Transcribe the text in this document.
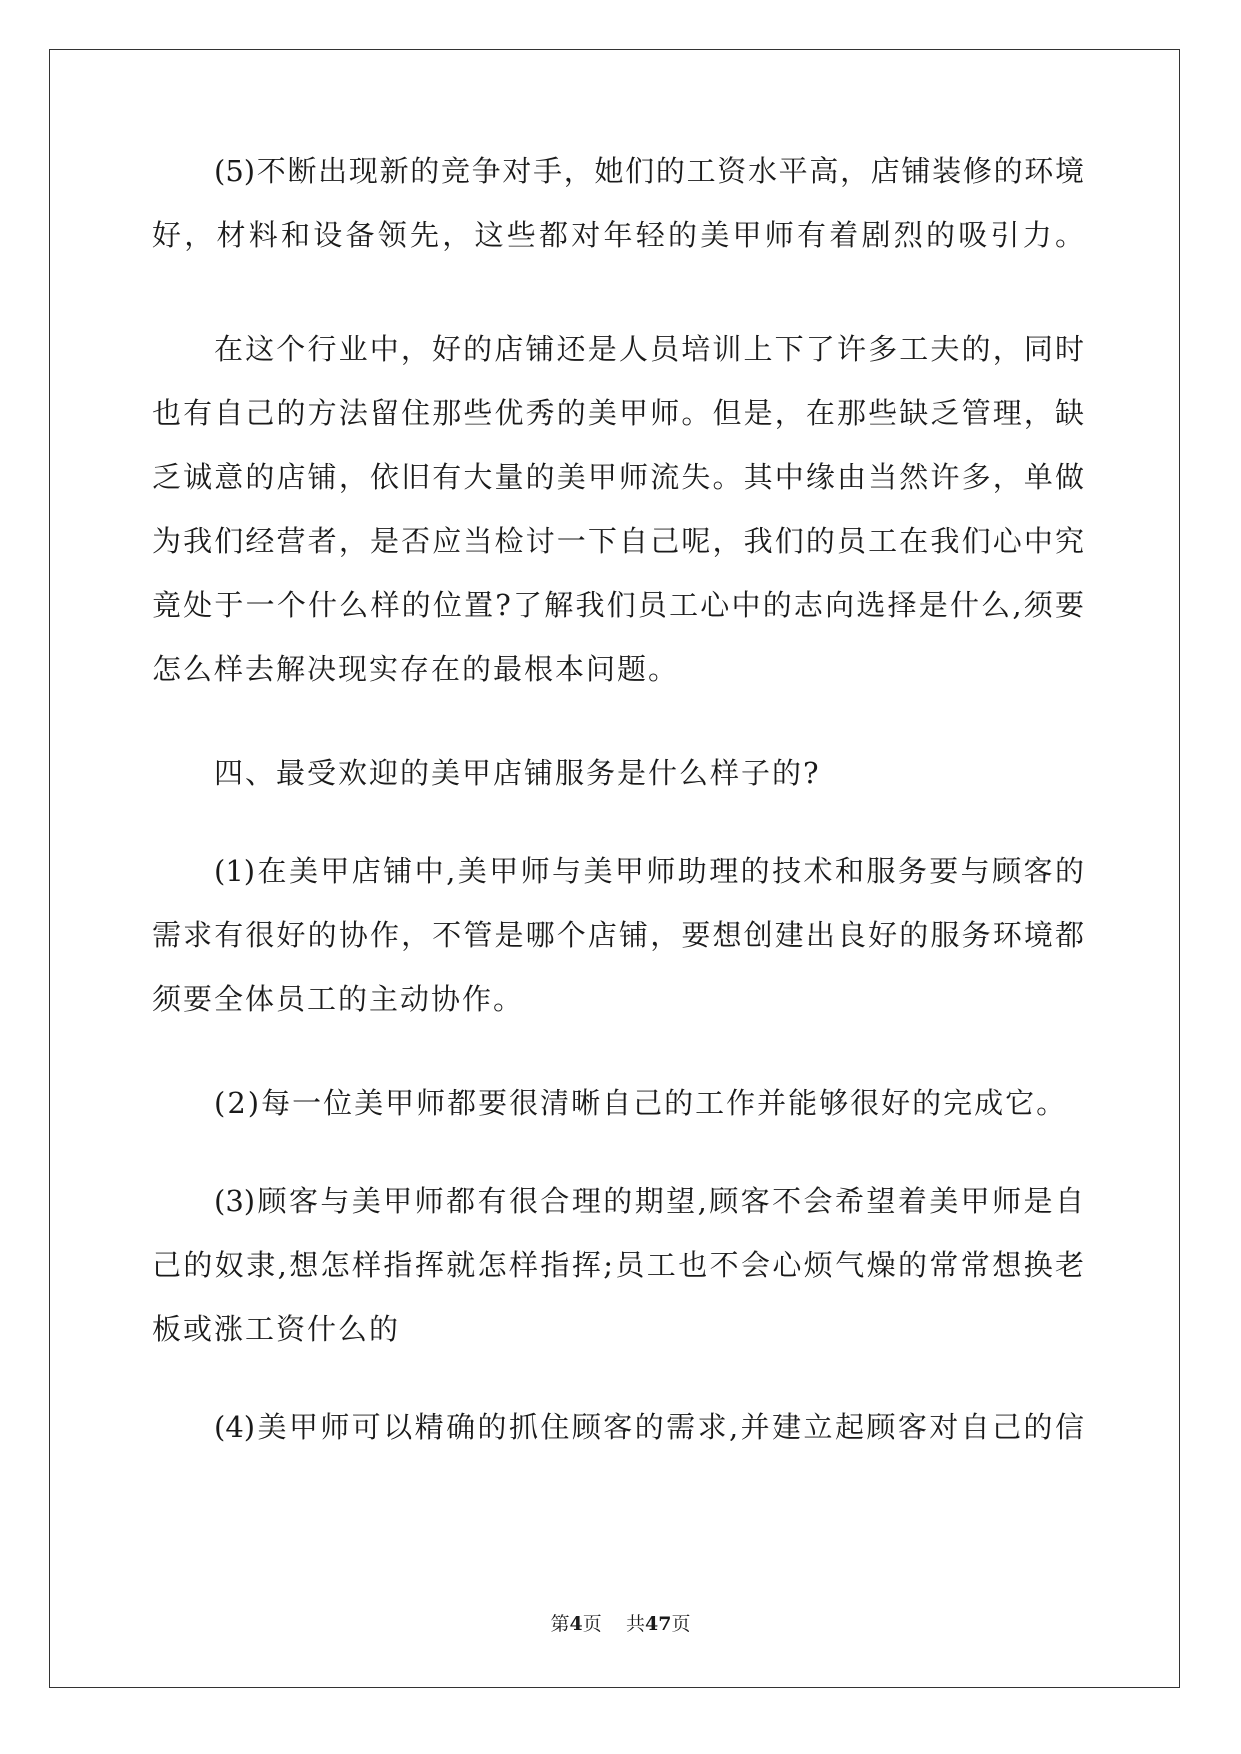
(5)不断出现新的竞争对手，她们的工资水平高，店铺装修的环境

好，材料和设备领先，这些都对年轻的美甲师有着剧烈的吸引力。

在这个行业中，好的店铺还是人员培训上下了许多工夫的，同时

也有自己的方法留住那些优秀的美甲师。但是，在那些缺乏管理，缺

乏诚意的店铺，依旧有大量的美甲师流失。其中缘由当然许多，单做

为我们经营者，是否应当检讨一下自己呢，我们的员工在我们心中究

竟处于一个什么样的位置?了解我们员工心中的志向选择是什么,须要

怎么样去解决现实存在的最根本问题。

四、最受欢迎的美甲店铺服务是什么样子的?

(1)在美甲店铺中,美甲师与美甲师助理的技术和服务要与顾客的

需求有很好的协作，不管是哪个店铺，要想创建出良好的服务环境都

须要全体员工的主动协作。

(2)每一位美甲师都要很清晰自己的工作并能够很好的完成它。

(3)顾客与美甲师都有很合理的期望,顾客不会希望着美甲师是自

己的奴隶,想怎样指挥就怎样指挥;员工也不会心烦气燥的常常想换老

板或涨工资什么的

(4)美甲师可以精确的抓住顾客的需求,并建立起顾客对自己的信

第4页 共47页
